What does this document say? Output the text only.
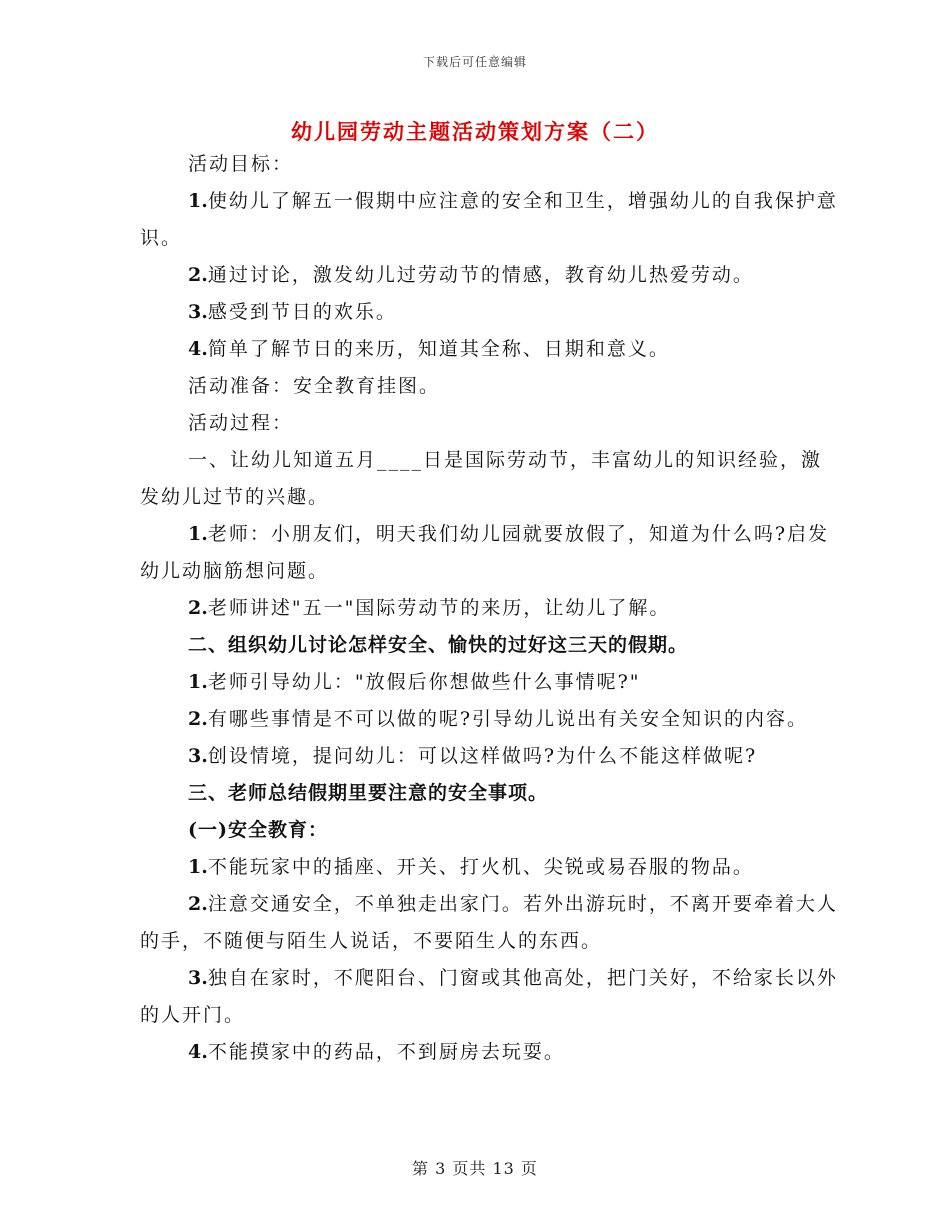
下载后可任意编辑
幼儿园劳动主题活动策划方案（二）

活动目标：

1.使幼儿了解五一假期中应注意的安全和卫生，增强幼儿的自我保护意识。

2.通过讨论，激发幼儿过劳动节的情感，教育幼儿热爱劳动。

3.感受到节日的欢乐。

4.简单了解节日的来历，知道其全称、日期和意义。

活动准备：安全教育挂图。

活动过程：

一、让幼儿知道五月____日是国际劳动节，丰富幼儿的知识经验，激发幼儿过节的兴趣。

1.老师：小朋友们，明天我们幼儿园就要放假了，知道为什么吗?启发幼儿动脑筋想问题。

2.老师讲述"五一"国际劳动节的来历，让幼儿了解。

二、组织幼儿讨论怎样安全、愉快的过好这三天的假期。

1.老师引导幼儿："放假后你想做些什么事情呢?"

2.有哪些事情是不可以做的呢?引导幼儿说出有关安全知识的内容。

3.创设情境，提问幼儿：可以这样做吗?为什么不能这样做呢?

三、老师总结假期里要注意的安全事项。

(一)安全教育：

1.不能玩家中的插座、开关、打火机、尖锐或易吞服的物品。

2.注意交通安全，不单独走出家门。若外出游玩时，不离开要牵着大人的手，不随便与陌生人说话，不要陌生人的东西。

3.独自在家时，不爬阳台、门窗或其他高处，把门关好，不给家长以外的人开门。

4.不能摸家中的药品，不到厨房去玩耍。

第 3 页共 13 页
